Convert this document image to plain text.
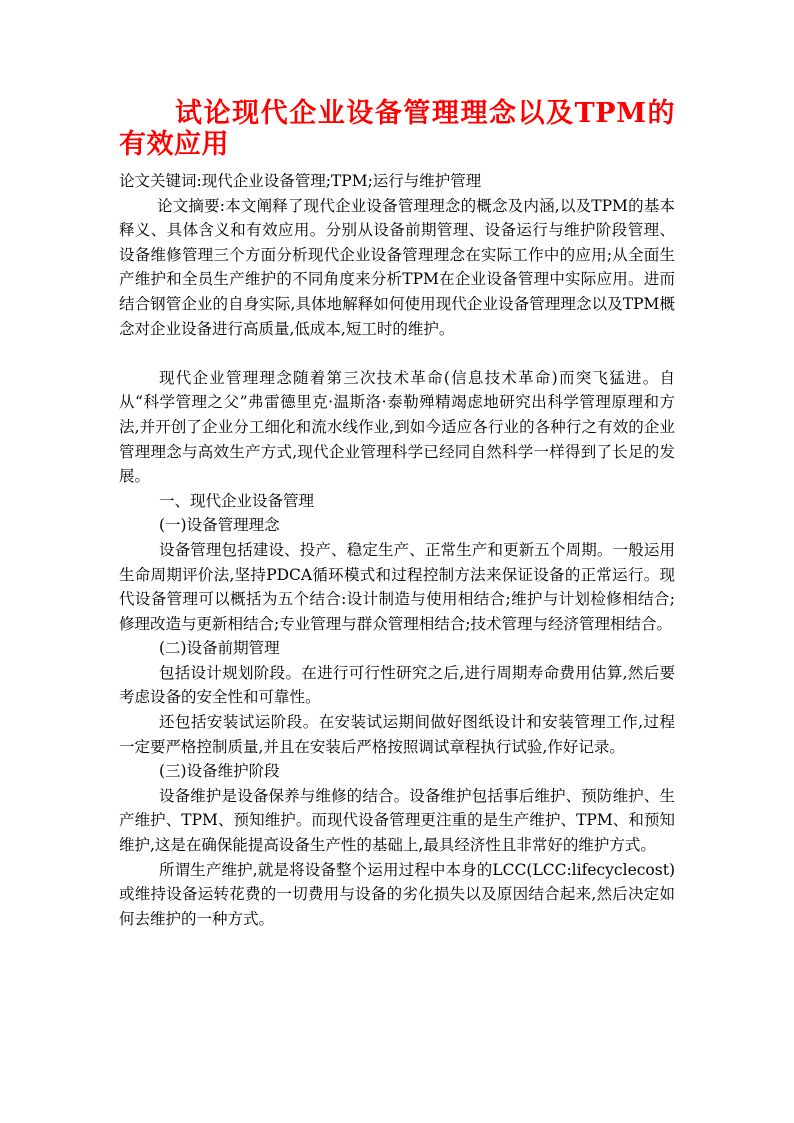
试论现代企业设备管理理念以及TPM的有效应用

论文关键词:现代企业设备管理;TPM;运行与维护管理

论文摘要:本文阐释了现代企业设备管理理念的概念及内涵,以及TPM的基本释义、具体含义和有效应用。分别从设备前期管理、设备运行与维护阶段管理、设备维修管理三个方面分析现代企业设备管理理念在实际工作中的应用;从全面生产维护和全员生产维护的不同角度来分析TPM在企业设备管理中实际应用。进而结合钢管企业的自身实际,具体地解释如何使用现代企业设备管理理念以及TPM概念对企业设备进行高质量,低成本,短工时的维护。

现代企业管理理念随着第三次技术革命(信息技术革命)而突飞猛进。自从“科学管理之父”弗雷德里克·温斯洛·泰勒殚精竭虑地研究出科学管理原理和方法,并开创了企业分工细化和流水线作业,到如今适应各行业的各种行之有效的企业管理理念与高效生产方式,现代企业管理科学已经同自然科学一样得到了长足的发展。

一、现代企业设备管理

(一)设备管理理念

设备管理包括建设、投产、稳定生产、正常生产和更新五个周期。一般运用生命周期评价法,坚持PDCA循环模式和过程控制方法来保证设备的正常运行。现代设备管理可以概括为五个结合:设计制造与使用相结合;维护与计划检修相结合;修理改造与更新相结合;专业管理与群众管理相结合;技术管理与经济管理相结合。

(二)设备前期管理

包括设计规划阶段。在进行可行性研究之后,进行周期寿命费用估算,然后要考虑设备的安全性和可靠性。

还包括安装试运阶段。在安装试运期间做好图纸设计和安装管理工作,过程一定要严格控制质量,并且在安装后严格按照调试章程执行试验,作好记录。

(三)设备维护阶段

设备维护是设备保养与维修的结合。设备维护包括事后维护、预防维护、生产维护、TPM、预知维护。而现代设备管理更注重的是生产维护、TPM、和预知维护,这是在确保能提高设备生产性的基础上,最具经济性且非常好的维护方式。

所谓生产维护,就是将设备整个运用过程中本身的LCC(LCC:lifecyclecost)或维持设备运转花费的一切费用与设备的劣化损失以及原因结合起来,然后决定如何去维护的一种方式。
